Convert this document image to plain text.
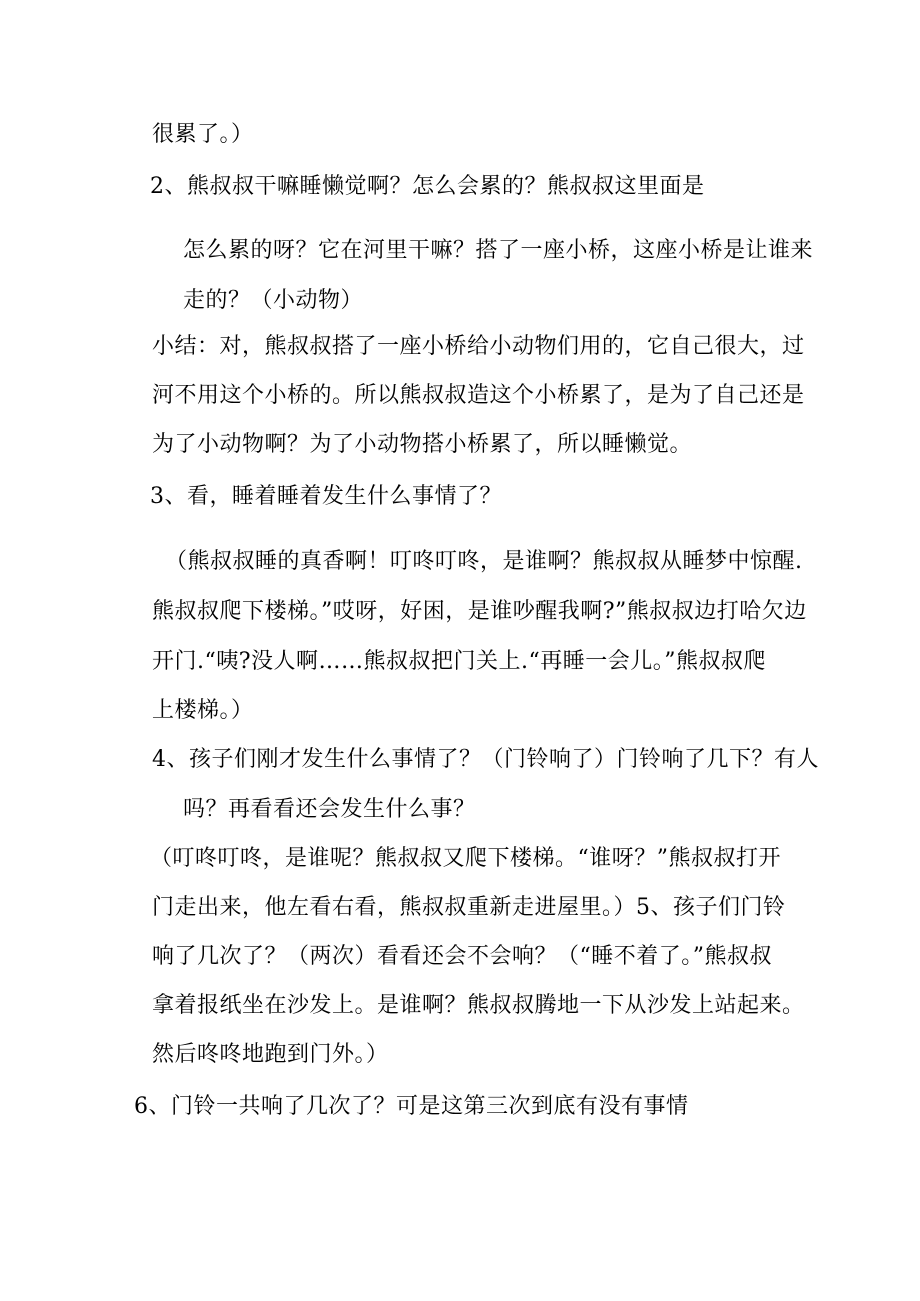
很累了。）
2、熊叔叔干嘛睡懒觉啊？怎么会累的？熊叔叔这里面是
怎么累的呀？它在河里干嘛？搭了一座小桥，这座小桥是让谁来
走的？（小动物）
小结：对，熊叔叔搭了一座小桥给小动物们用的，它自己很大，过
河不用这个小桥的。所以熊叔叔造这个小桥累了，是为了自己还是
为了小动物啊？为了小动物搭小桥累了，所以睡懒觉。
3、看，睡着睡着发生什么事情了？
（熊叔叔睡的真香啊！叮咚叮咚，是谁啊？熊叔叔从睡梦中惊醒.
熊叔叔爬下楼梯。”哎呀，好困，是谁吵醒我啊?”熊叔叔边打哈欠边
开门.“咦?没人啊……熊叔叔把门关上.“再睡一会儿。”熊叔叔爬
上楼梯。）
4、孩子们刚才发生什么事情了？（门铃响了）门铃响了几下？有人
吗？再看看还会发生什么事？
（叮咚叮咚，是谁呢？熊叔叔又爬下楼梯。“谁呀？”熊叔叔打开
门走出来，他左看右看，熊叔叔重新走进屋里。）5、孩子们门铃
响了几次了？（两次）看看还会不会响？（“睡不着了。”熊叔叔
拿着报纸坐在沙发上。是谁啊？熊叔叔腾地一下从沙发上站起来。
然后咚咚地跑到门外。）
6、门铃一共响了几次了？可是这第三次到底有没有事情
